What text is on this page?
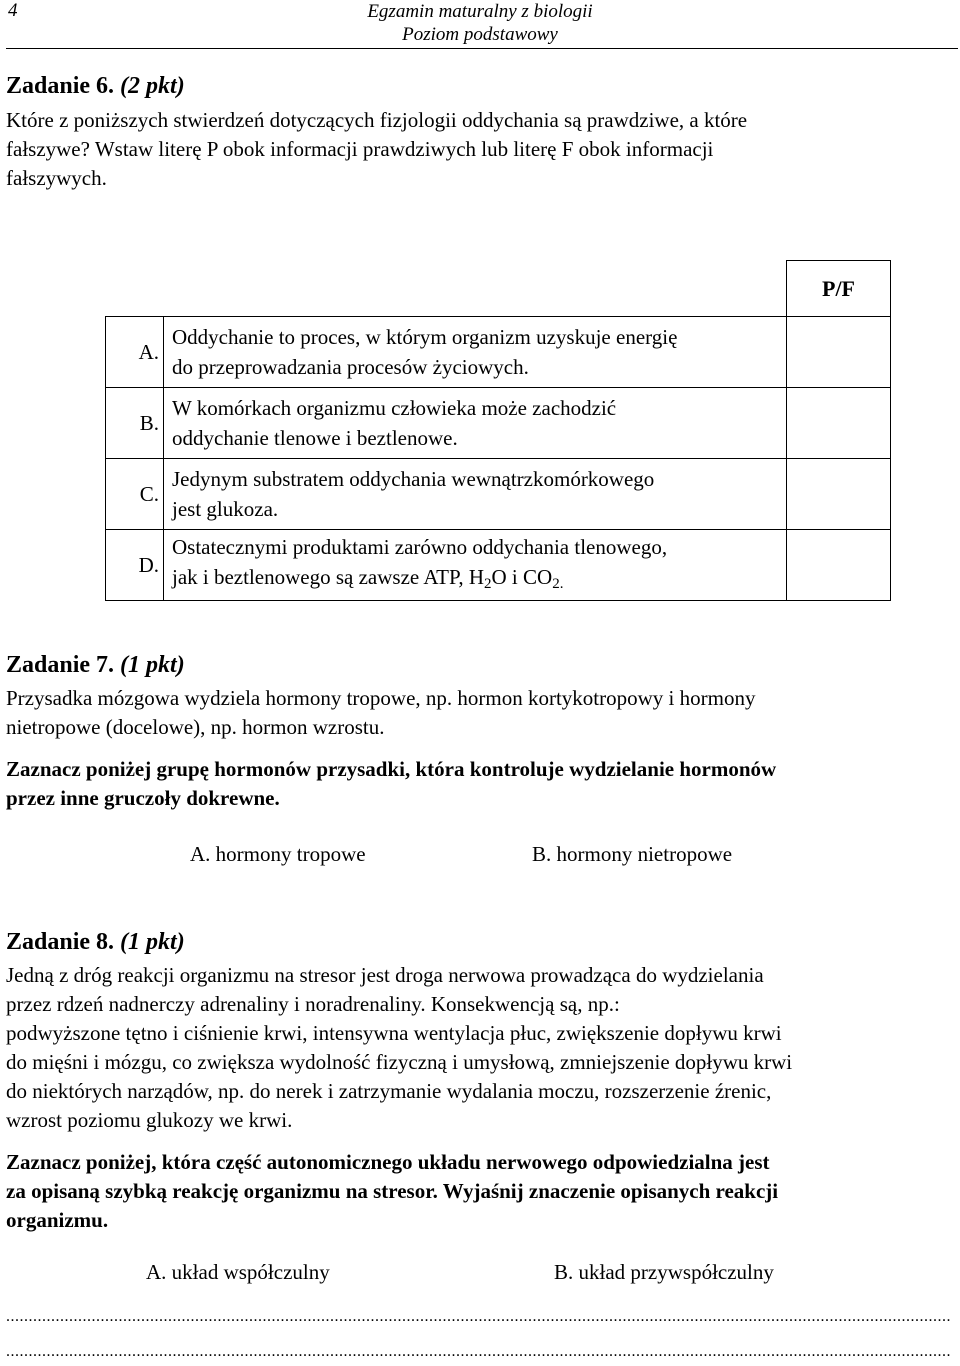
4	Egzamin maturalny z biologii
Poziom podstawowy
Zadanie 6. (2 pkt)
Które z poniższych stwierdzeń dotyczących fizjologii oddychania są prawdziwe, a które
fałszywe? Wstaw literę P obok informacji prawdziwych lub literę F obok informacji
fałszywych.
		P/F
A.	Oddychanie to proces, w którym organizm uzyskuje energię
do przeprowadzania procesów życiowych.	

B.	W komórkach organizmu człowieka może zachodzić
oddychanie tlenowe i beztlenowe.	

C.	Jedynym substratem oddychania wewnątrzkomórkowego
jest glukoza.	

D.	Ostatecznymi produktami zarówno oddychania tlenowego,
jak i beztlenowego są zawsze ATP, $H_2O$ i $CO_{2.}$

Zadanie 7. (1 pkt)
Przysadka mózgowa wydziela hormony tropowe, np. hormon kortykotropowy i hormony
nietropowe (docelowe), np. hormon wzrostu.
Zaznacz poniżej grupę hormonów przysadki, która kontroluje wydzielanie hormonów
przez inne gruczoły dokrewne.
A. hormony tropowe	B. hormony nietropowe
Zadanie 8. (1 pkt)
Jedną z dróg reakcji organizmu na stresor jest droga nerwowa prowadząca do wydzielania
przez rdzeń nadnerczy adrenaliny i noradrenaliny. Konsekwencją są, np.:
podwyższone tętno i ciśnienie krwi, intensywna wentylacja płuc, zwiększenie dopływu krwi
do mięśni i mózgu, co zwiększa wydolność fizyczną i umysłową, zmniejszenie dopływu krwi
do niektórych narządów, np. do nerek i zatrzymanie wydalania moczu, rozszerzenie źrenic,
wzrost poziomu glukozy we krwi.
Zaznacz poniżej, która część autonomicznego układu nerwowego odpowiedzialna jest
za opisaną szybką reakcję organizmu na stresor. Wyjaśnij znaczenie opisanych reakcji
organizmu.
A. układ współczulny	B. układ przywspółczulny
..................................................................................................................................................................................................................
..................................................................................................................................................................................................................
